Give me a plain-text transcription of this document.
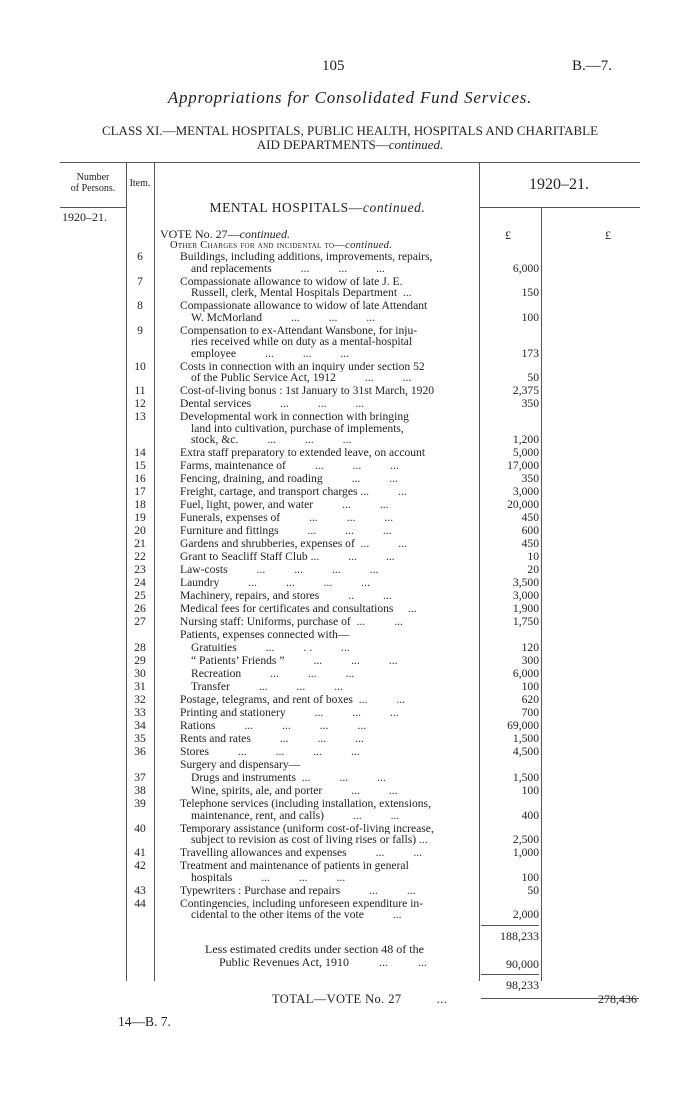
105	B.—7.
Appropriations for Consolidated Fund Services.
CLASS XI.—MENTAL HOSPITALS, PUBLIC HEALTH, HOSPITALS AND CHARITABLE
AID DEPARTMENTS—continued.
Number
of Persons.	Item.	1920–21.
MENTAL HOSPITALS—continued.
1920–21.
VOTE No. 27—continued.
Other Charges for and incidental to—continued.
£	£
6	Buildings, including additions, improvements, repairs,
and replacements          ...          ...          ...	6,000
7	Compassionate allowance to widow of late J. E.
Russell, clerk, Mental Hospitals Department  ...	150
8	Compassionate allowance to widow of late Attendant
W. McMorland          ...          ...          ...	100
9	Compensation to ex-Attendant Wansbone, for inju-
ries received while on duty as a mental-hospital
employee          ...          ...          ...	173
10	Costs in connection with an inquiry under section 52
of the Public Service Act, 1912          ...          ...	50
11	Cost-of-living bonus : 1st January to 31st March, 1920	2,375
12	Dental services          ...          ...          ...	350
13	Developmental work in connection with bringing
land into cultivation, purchase of implements,
stock, &c.          ...          ...          ...	1,200
14	Extra staff preparatory to extended leave, on account	5,000
15	Farms, maintenance of          ...          ...          ...	17,000
16	Fencing, draining, and roading          ...          ...	350
17	Freight, cartage, and transport charges ...          ...	3,000
18	Fuel, light, power, and water          ...          ...	20,000
19	Funerals, expenses of          ...          ...          ...	450
20	Furniture and fittings          ...          ...          ...	600
21	Gardens and shrubberies, expenses of  ...          ...	450
22	Grant to Seacliff Staff Club ...          ...          ...	10
23	Law-costs          ...          ...          ...          ...	20
24	Laundry          ...          ...          ...          ...	3,500
25	Machinery, repairs, and stores          ..          ...	3,000
26	Medical fees for certificates and consultations     ...	1,900
27	Nursing staff: Uniforms, purchase of  ...          ...	1,750
Patients, expenses connected with—
28	Gratuities          ...          . .          ...	120
29	“ Patients’ Friends ”          ...          ...          ...	300
30	Recreation          ...          ...          ...	6,000
31	Transfer          ...          ...          ...	100
32	Postage, telegrams, and rent of boxes  ...          ...	620
33	Printing and stationery          ...          ...          ...	700
34	Rations          ...          ...          ...          ...	69,000
35	Rents and rates          ...          ...          ...	1,500
36	Stores          ...          ...          ...          ...	4,500
Surgery and dispensary—
37	Drugs and instruments  ...          ...          ...	1,500
38	Wine, spirits, ale, and porter          ...          ...	100
39	Telephone services (including installation, extensions,
maintenance, rent, and calls)          ...          ...	400
40	Temporary assistance (uniform cost-of-living increase,
subject to revision as cost of living rises or falls) ...	2,500
41	Travelling allowances and expenses          ...          ...	1,000
42	Treatment and maintenance of patients in general
hospitals          ...          ...          ...	100
43	Typewriters : Purchase and repairs          ...          ...	50
44	Contingencies, including unforeseen expenditure in-
cidental to the other items of the vote          ...	2,000
188,233
Less estimated credits under section 48 of the
Public Revenues Act, 1910          ...          ...	90,000
98,233
TOTAL—VOTE No. 27          ...	278,436
14—B. 7.
